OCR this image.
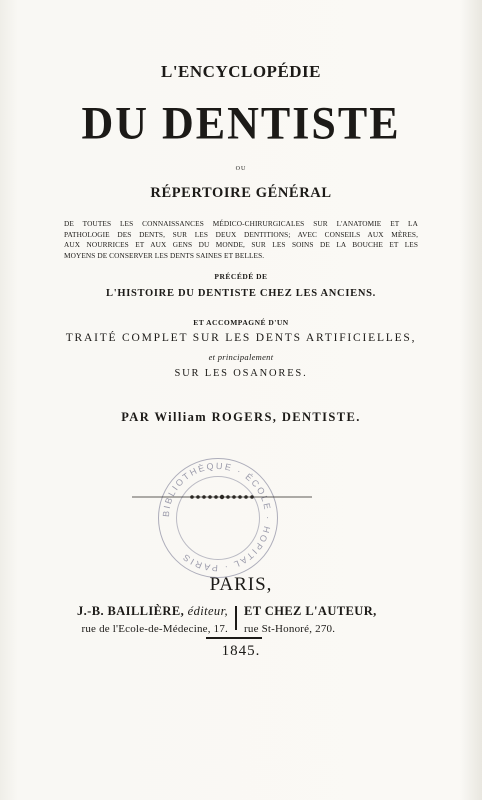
L'ENCYCLOPÉDIE
DU DENTISTE
ou
RÉPERTOIRE GÉNÉRAL
DE TOUTES LES CONNAISSANCES MÉDICO-CHIRURGICALES SUR L'ANATOMIE ET LA
PATHOLOGIE DES DENTS, SUR LES DEUX DENTITIONS; AVEC CONSEILS AUX MÈRES,
AUX NOURRICES ET AUX GENS DU MONDE, SUR LES SOINS DE LA BOUCHE ET LES
MOYENS DE CONSERVER LES DENTS SAINES ET BELLES.
PRÉCÉDÉ DE
L'HISTOIRE DU DENTISTE CHEZ LES ANCIENS.
ET ACCOMPAGNÉ D'UN
TRAITÉ COMPLET SUR LES DENTS ARTIFICIELLES,
et principalement
SUR LES OSANORES.
PAR William ROGERS, DENTISTE.
BIBLIOTHÈQUE · ÉCOLE · HOPITAL · PARIS
PARIS,
J.-B. BAILLIÈRE, éditeur,
rue de l'Ecole-de-Médecine, 17.
ET CHEZ L'AUTEUR,
rue St-Honoré, 270.
1845.
